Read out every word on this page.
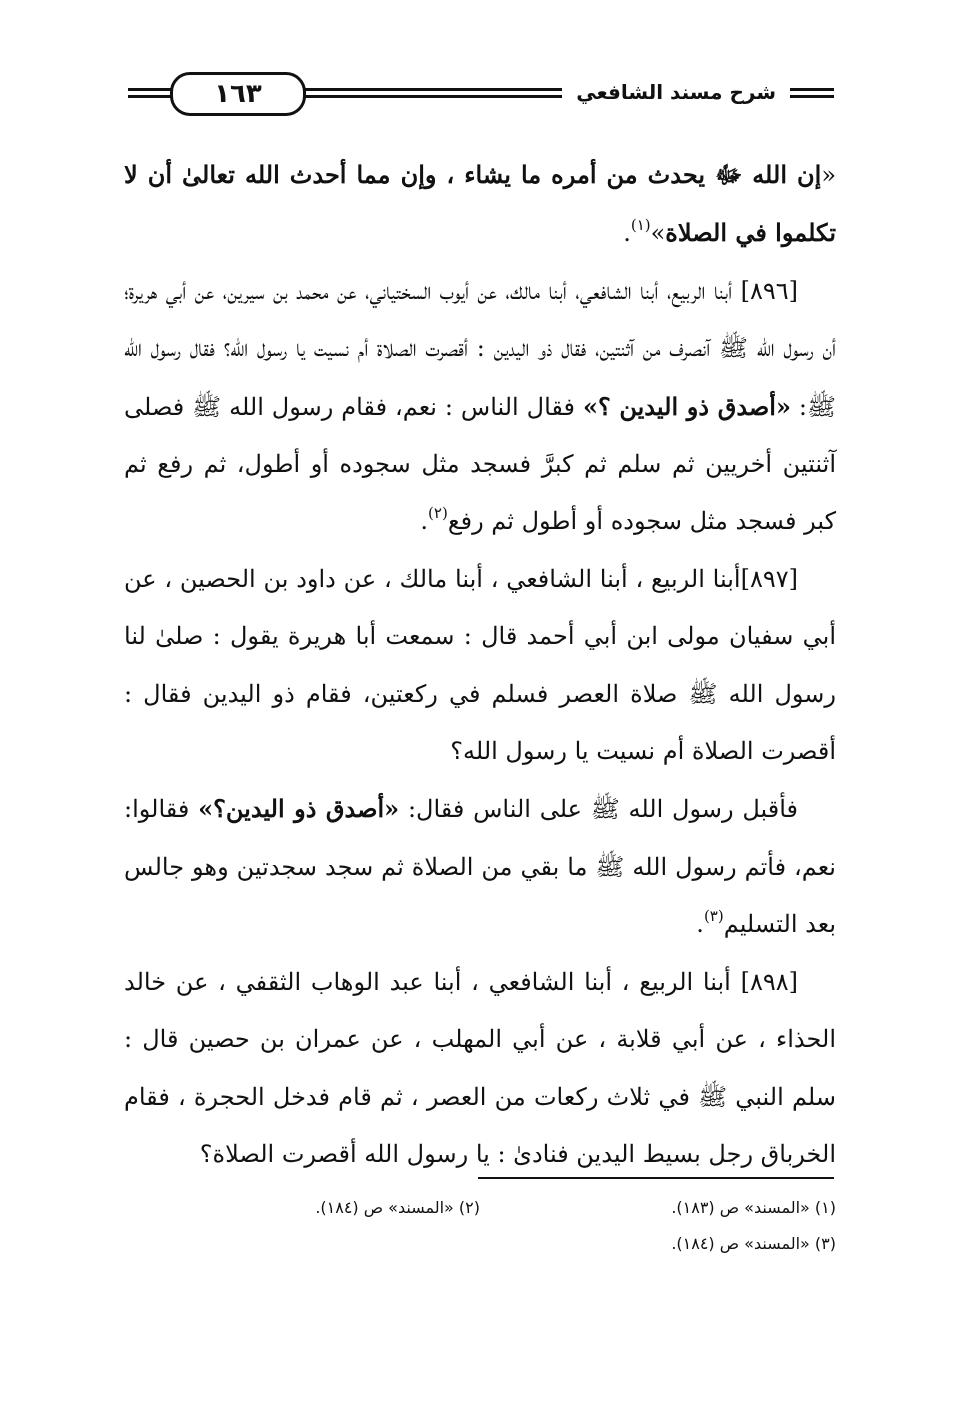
١٦٣	شرح مسند الشافعي

«إن الله ﷻ يحدث من أمره ما يشاء ، وإن مما أحدث الله تعالىٰ أن لا تكلموا في الصلاة»$^{(١)}$.

[٨٩٦] أبنا الربيع، أبنا الشافعي، أبنا مالك، عن أيوب السختياني، عن محمد بن سيرين، عن أبي هريرة؛ أن رسول الله ﷺ آنصرف من آثنتين، فقال ذو اليدين : أقصرت الصلاة أم نسيت يا رسول الله؟ فقال رسول الله ﷺ: «أصدق ذو اليدين ؟» فقال الناس : نعم، فقام رسول الله ﷺ فصلى آثنتين أخريين ثم سلم ثم كبرَّ فسجد مثل سجوده أو أطول، ثم رفع ثم كبر فسجد مثل سجوده أو أطول ثم رفع$^{(٢)}$.

[٨٩٧]أبنا الربيع ، أبنا الشافعي ، أبنا مالك ، عن داود بن الحصين ، عن أبي سفيان مولى ابن أبي أحمد قال : سمعت أبا هريرة يقول : صلىٰ لنا رسول الله ﷺ صلاة العصر فسلم في ركعتين، فقام ذو اليدين فقال : أقصرت الصلاة أم نسيت يا رسول الله؟

فأقبل رسول الله ﷺ على الناس فقال: «أصدق ذو اليدين؟» فقالوا: نعم، فأتم رسول الله ﷺ ما بقي من الصلاة ثم سجد سجدتين وهو جالس بعد التسليم$^{(٣)}$.

[٨٩٨] أبنا الربيع ، أبنا الشافعي ، أبنا عبد الوهاب الثقفي ، عن خالد الحذاء ، عن أبي قلابة ، عن أبي المهلب ، عن عمران بن حصين قال : سلم النبي ﷺ في ثلاث ركعات من العصر ، ثم قام فدخل الحجرة ، فقام الخرباق رجل بسيط اليدين فنادىٰ : يا رسول الله أقصرت الصلاة؟

(١) «المسند» ص (١٨٣).
(٢) «المسند» ص (١٨٤).
(٣) «المسند» ص (١٨٤).
